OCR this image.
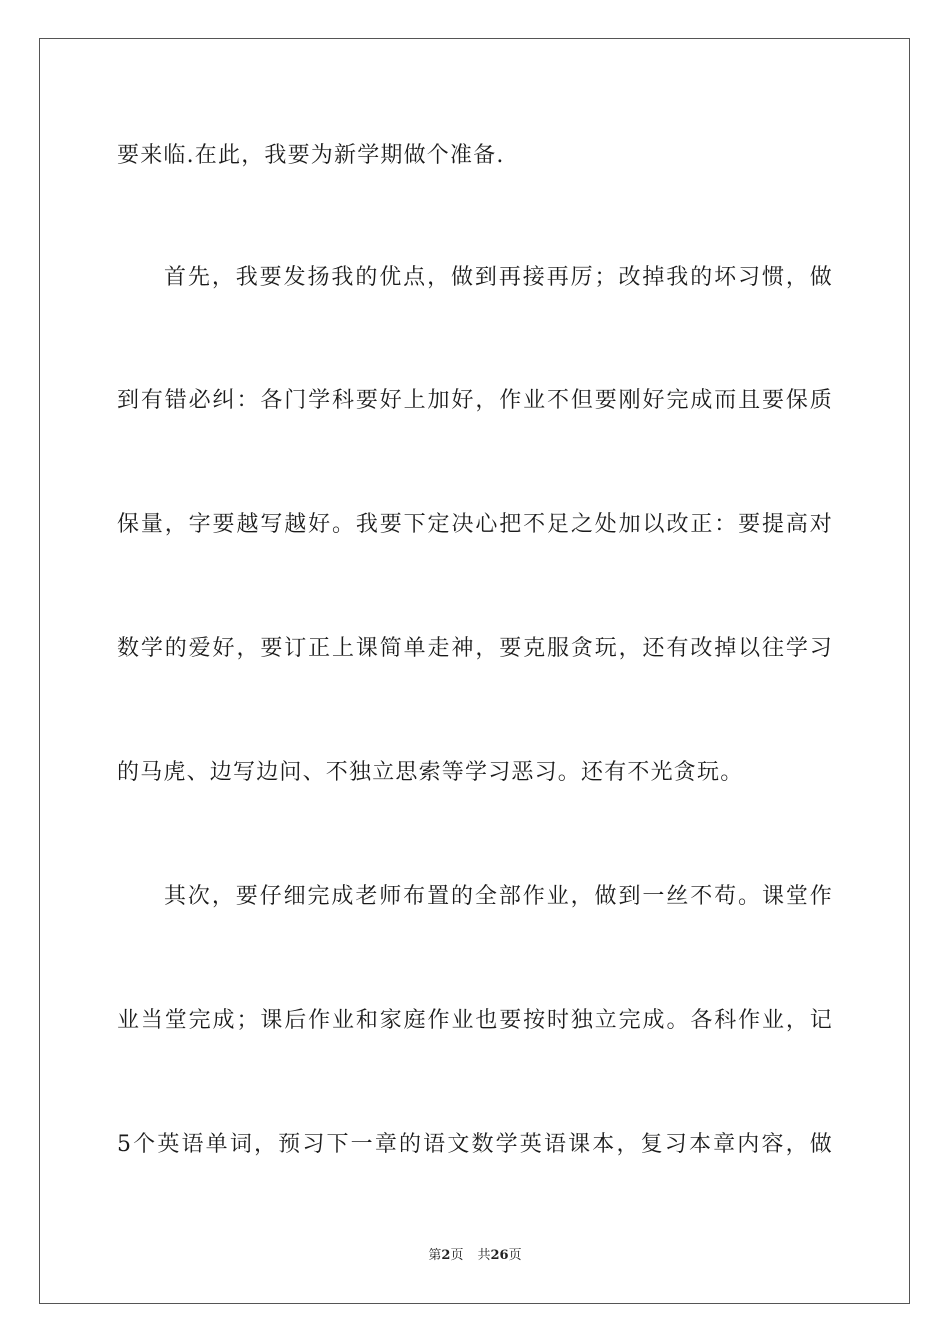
要来临.在此，我要为新学期做个准备.
首先，我要发扬我的优点，做到再接再厉；改掉我的坏习惯，做
到有错必纠：各门学科要好上加好，作业不但要刚好完成而且要保质
保量，字要越写越好。我要下定决心把不足之处加以改正：要提高对
数学的爱好，要订正上课简单走神，要克服贪玩，还有改掉以往学习
的马虎、边写边问、不独立思索等学习恶习。还有不光贪玩。
其次，要仔细完成老师布置的全部作业，做到一丝不苟。课堂作
业当堂完成；课后作业和家庭作业也要按时独立完成。各科作业，记
5个英语单词，预习下一章的语文数学英语课本，复习本章内容，做
第2页 共26页
